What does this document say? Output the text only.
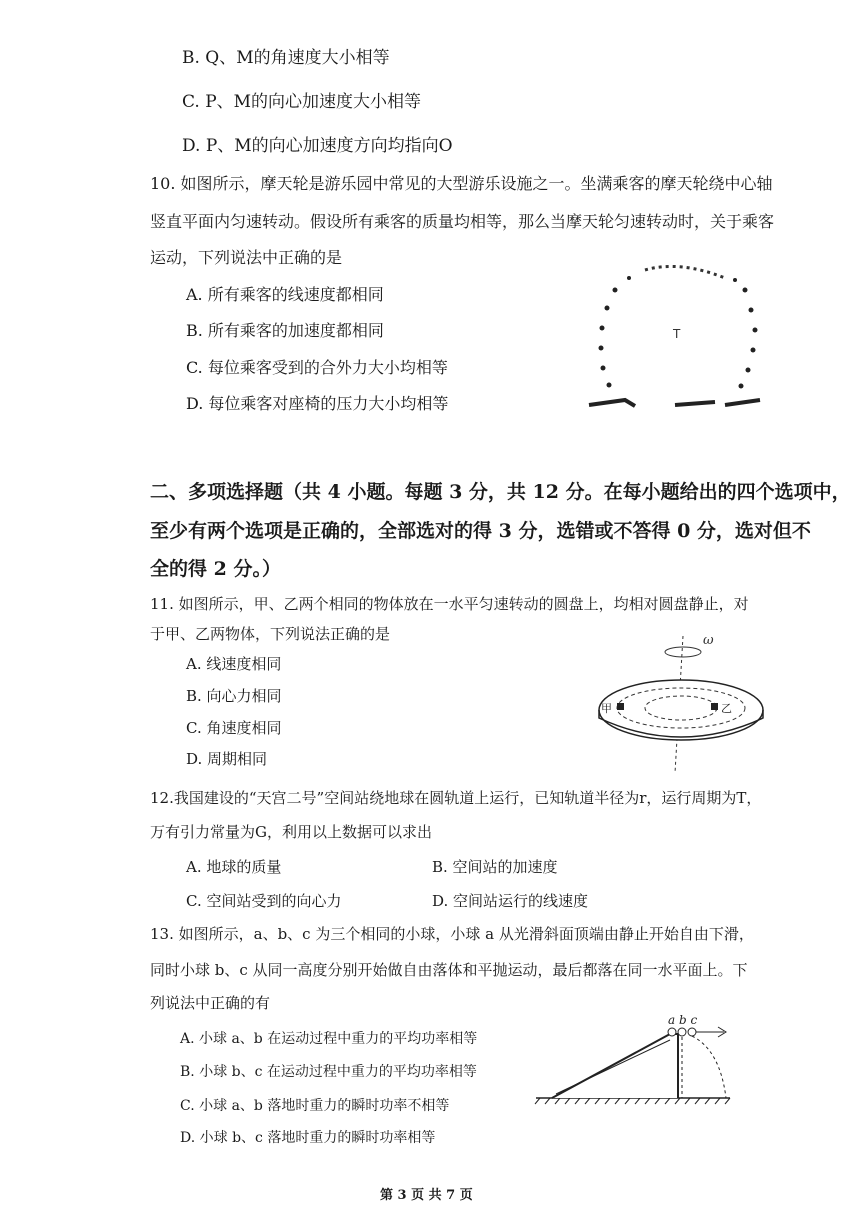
B. Q、M的角速度大小相等
C. P、M的向心加速度大小相等
D. P、M的向心加速度方向均指向O
10. 如图所示，摩天轮是游乐园中常见的大型游乐设施之一。坐满乘客的摩天轮绕中心轴
竖直平面内匀速转动。假设所有乘客的质量均相等，那么当摩天轮匀速转动时，关于乘客
运动，下列说法中正确的是
A. 所有乘客的线速度都相同
B. 所有乘客的加速度都相同
C. 每位乘客受到的合外力大小均相等
D. 每位乘客对座椅的压力大小均相等
T
二、多项选择题（共 4 小题。每题 3 分，共 12 分。在每小题给出的四个选项中，
至少有两个选项是正确的，全部选对的得 3 分，选错或不答得 0 分，选对但不
全的得 2 分。）
11. 如图所示，甲、乙两个相同的物体放在一水平匀速转动的圆盘上，均相对圆盘静止，对
于甲、乙两物体，下列说法正确的是
A. 线速度相同
B. 向心力相同
C. 角速度相同
D. 周期相同
ω
甲	乙
12.我国建设的“天宫二号”空间站绕地球在圆轨道上运行，已知轨道半径为r，运行周期为T，
万有引力常量为G，利用以上数据可以求出
A. 地球的质量	B. 空间站的加速度
C. 空间站受到的向心力	D. 空间站运行的线速度
13. 如图所示，a、b、c 为三个相同的小球，小球 a 从光滑斜面顶端由静止开始自由下滑，
同时小球 b、c 从同一高度分别开始做自由落体和平抛运动，最后都落在同一水平面上。下
列说法中正确的有
A. 小球 a、b 在运动过程中重力的平均功率相等
B. 小球 b、c 在运动过程中重力的平均功率相等
C. 小球 a、b 落地时重力的瞬时功率不相等
D. 小球 b、c 落地时重力的瞬时功率相等
a b c
第 3 页 共 7 页
